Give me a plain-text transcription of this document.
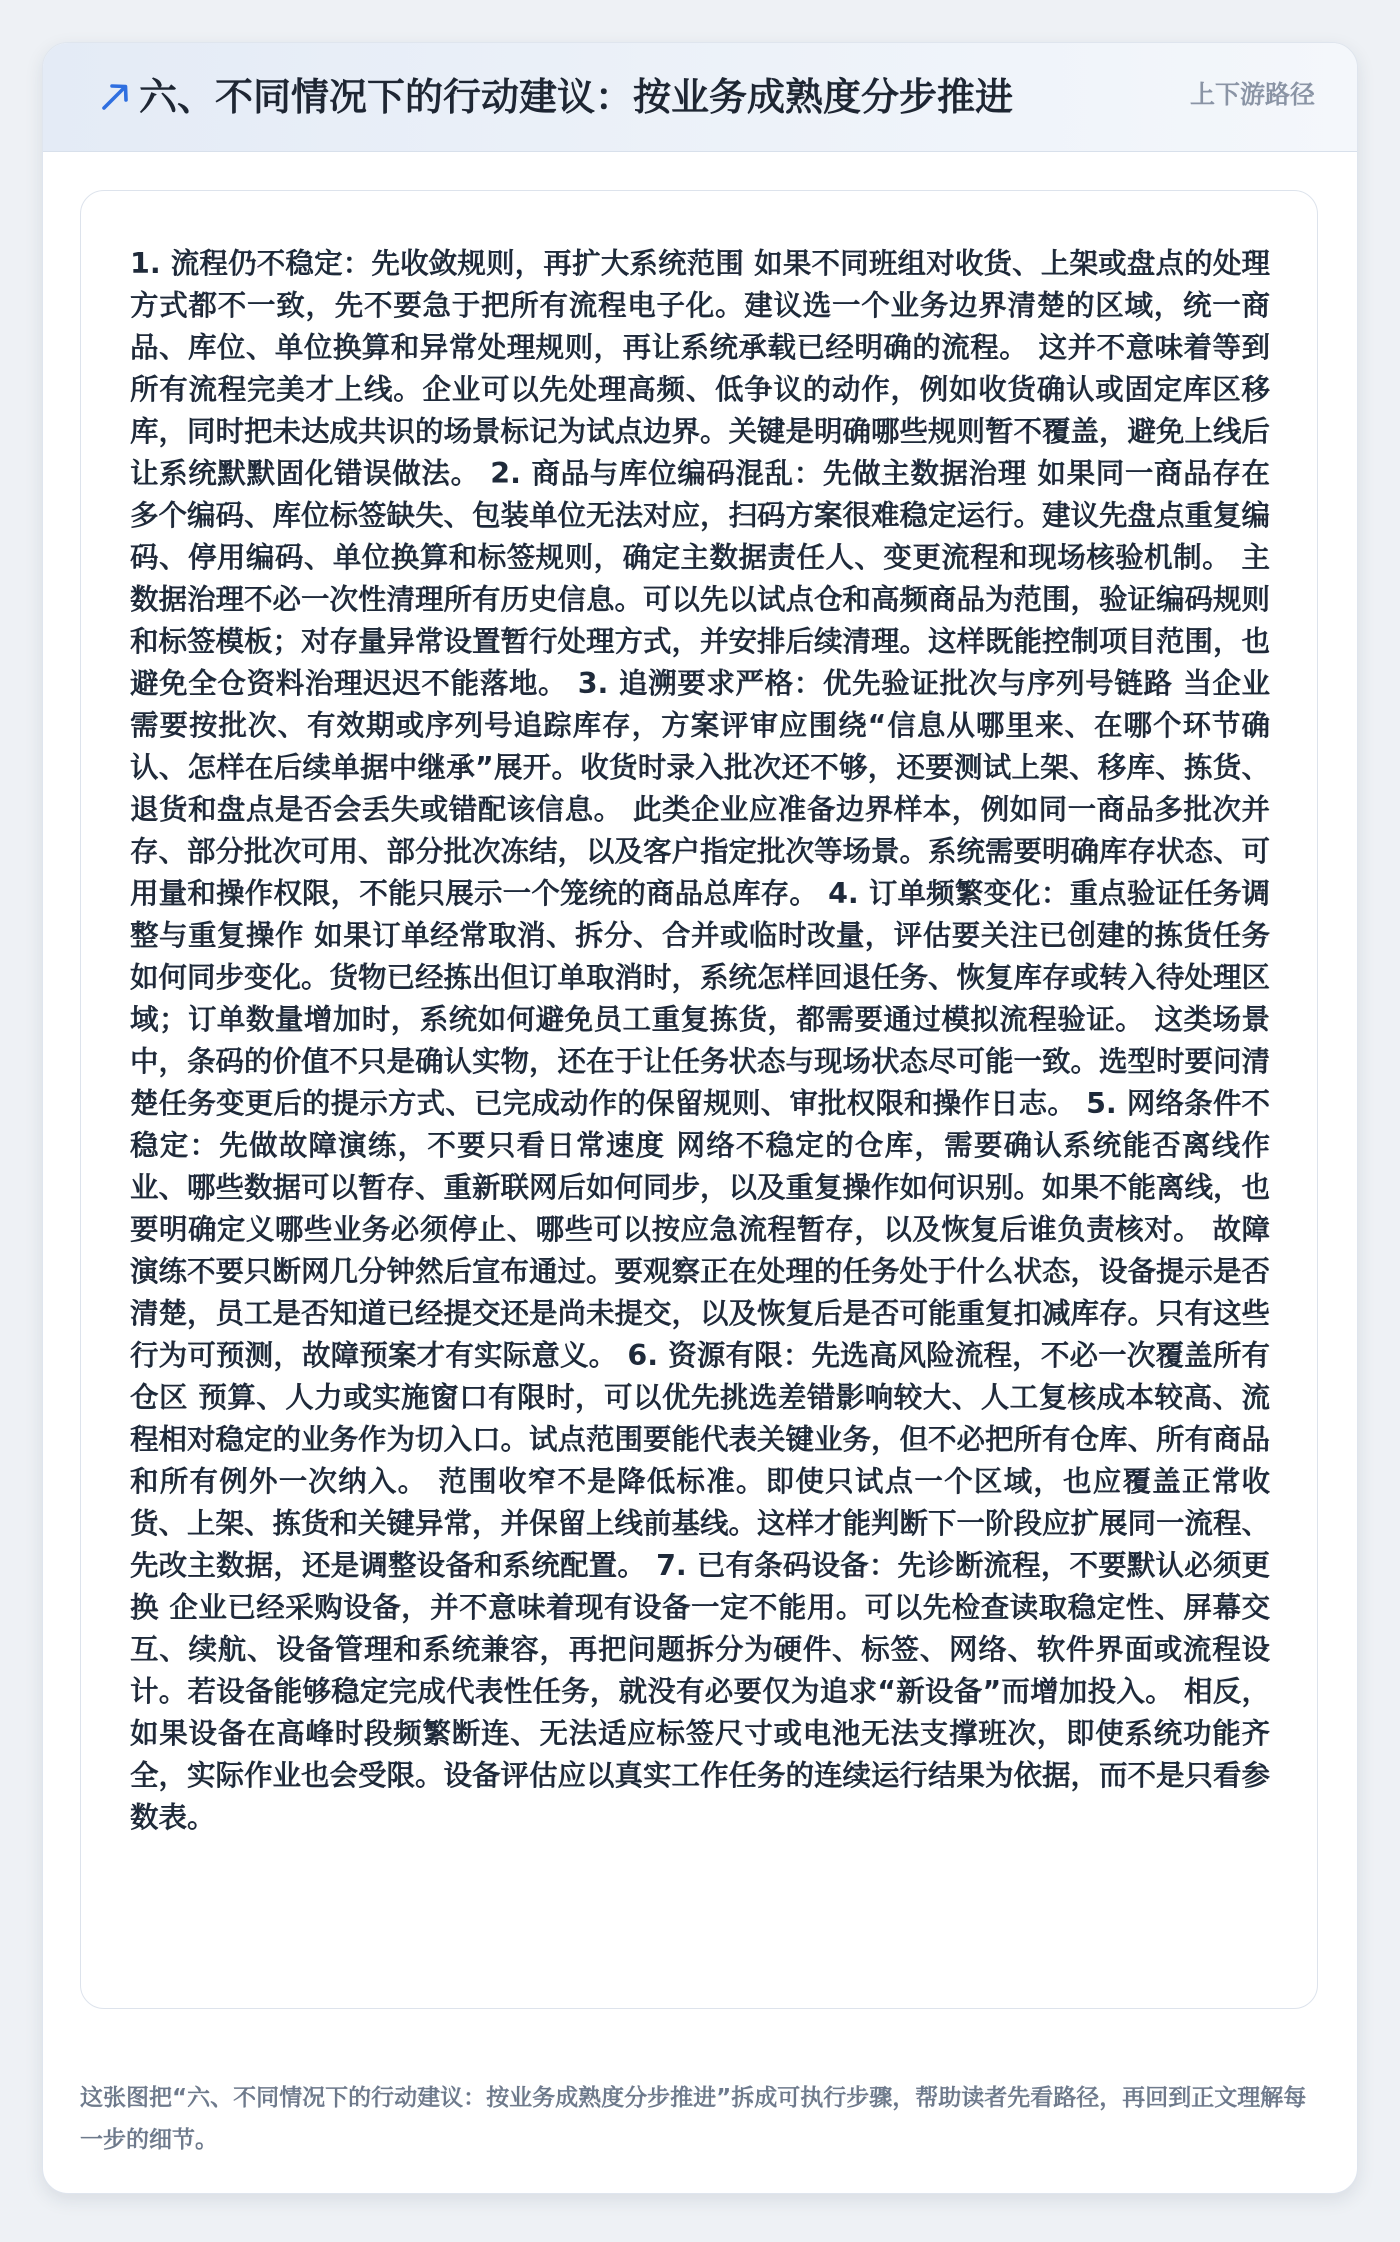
六、不同情况下的行动建议：按业务成熟度分步推进	上下游路径

1. 流程仍不稳定：先收敛规则，再扩大系统范围 如果不同班组对收货、上架或盘点的处理方式都不一致，先不要急于把所有流程电子化。建议选一个业务边界清楚的区域，统一商品、库位、单位换算和异常处理规则，再让系统承载已经明确的流程。 这并不意味着等到所有流程完美才上线。企业可以先处理高频、低争议的动作，例如收货确认或固定库区移库，同时把未达成共识的场景标记为试点边界。关键是明确哪些规则暂不覆盖，避免上线后让系统默默固化错误做法。 2. 商品与库位编码混乱：先做主数据治理 如果同一商品存在多个编码、库位标签缺失、包装单位无法对应，扫码方案很难稳定运行。建议先盘点重复编码、停用编码、单位换算和标签规则，确定主数据责任人、变更流程和现场核验机制。 主数据治理不必一次性清理所有历史信息。可以先以试点仓和高频商品为范围，验证编码规则和标签模板；对存量异常设置暂行处理方式，并安排后续清理。这样既能控制项目范围，也避免全仓资料治理迟迟不能落地。 3. 追溯要求严格：优先验证批次与序列号链路 当企业需要按批次、有效期或序列号追踪库存，方案评审应围绕“信息从哪里来、在哪个环节确认、怎样在后续单据中继承”展开。收货时录入批次还不够，还要测试上架、移库、拣货、退货和盘点是否会丢失或错配该信息。 此类企业应准备边界样本，例如同一商品多批次并存、部分批次可用、部分批次冻结，以及客户指定批次等场景。系统需要明确库存状态、可用量和操作权限，不能只展示一个笼统的商品总库存。 4. 订单频繁变化：重点验证任务调整与重复操作 如果订单经常取消、拆分、合并或临时改量，评估要关注已创建的拣货任务如何同步变化。货物已经拣出但订单取消时，系统怎样回退任务、恢复库存或转入待处理区域；订单数量增加时，系统如何避免员工重复拣货，都需要通过模拟流程验证。 这类场景中，条码的价值不只是确认实物，还在于让任务状态与现场状态尽可能一致。选型时要问清楚任务变更后的提示方式、已完成动作的保留规则、审批权限和操作日志。 5. 网络条件不稳定：先做故障演练，不要只看日常速度 网络不稳定的仓库，需要确认系统能否离线作业、哪些数据可以暂存、重新联网后如何同步，以及重复操作如何识别。如果不能离线，也要明确定义哪些业务必须停止、哪些可以按应急流程暂存，以及恢复后谁负责核对。 故障演练不要只断网几分钟然后宣布通过。要观察正在处理的任务处于什么状态，设备提示是否清楚，员工是否知道已经提交还是尚未提交，以及恢复后是否可能重复扣减库存。只有这些行为可预测，故障预案才有实际意义。 6. 资源有限：先选高风险流程，不必一次覆盖所有仓区 预算、人力或实施窗口有限时，可以优先挑选差错影响较大、人工复核成本较高、流程相对稳定的业务作为切入口。试点范围要能代表关键业务，但不必把所有仓库、所有商品和所有例外一次纳入。 范围收窄不是降低标准。即使只试点一个区域，也应覆盖正常收货、上架、拣货和关键异常，并保留上线前基线。这样才能判断下一阶段应扩展同一流程、先改主数据，还是调整设备和系统配置。 7. 已有条码设备：先诊断流程，不要默认必须更换 企业已经采购设备，并不意味着现有设备一定不能用。可以先检查读取稳定性、屏幕交互、续航、设备管理和系统兼容，再把问题拆分为硬件、标签、网络、软件界面或流程设计。若设备能够稳定完成代表性任务，就没有必要仅为追求“新设备”而增加投入。 相反，如果设备在高峰时段频繁断连、无法适应标签尺寸或电池无法支撑班次，即使系统功能齐全，实际作业也会受限。设备评估应以真实工作任务的连续运行结果为依据，而不是只看参数表。

这张图把“六、不同情况下的行动建议：按业务成熟度分步推进”拆成可执行步骤，帮助读者先看路径，再回到正文理解每一步的细节。
